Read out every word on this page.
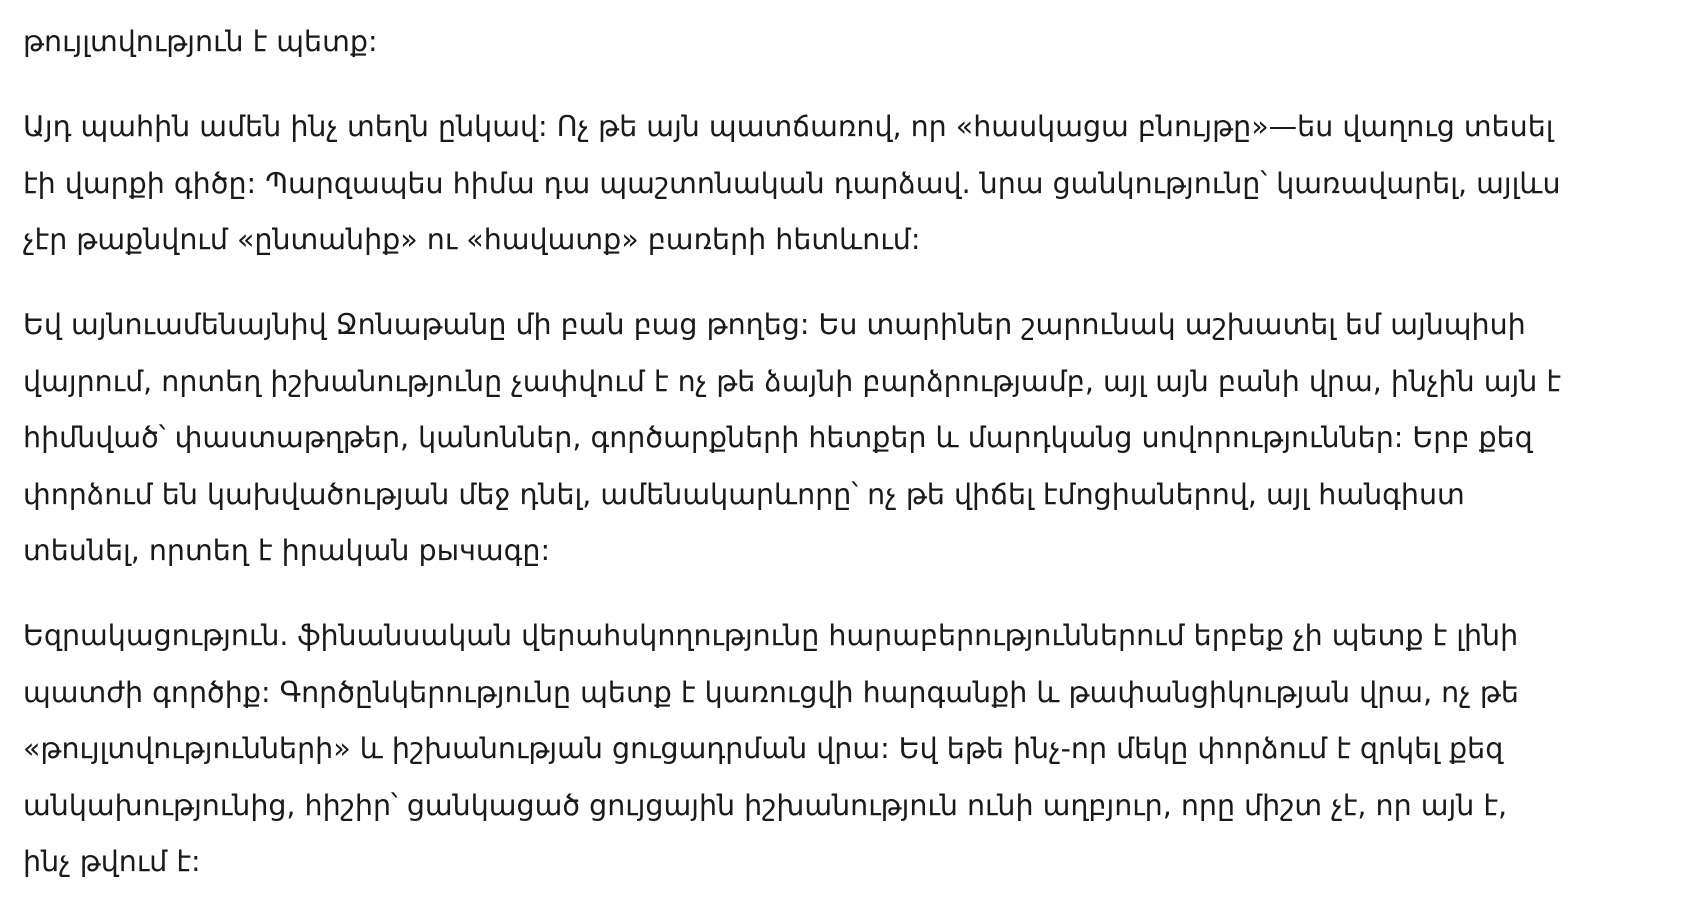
թույլտվություն է պետք:

Այդ պահին ամեն ինչ տեղն ընկավ: Ոչ թե այն պատճառով, որ «հասկացա բնույթը»—ես վաղուց տեսել
էի վարքի գիծը: Պարզապես հիմա դա պաշտոնական դարձավ. նրա ցանկությունը՝ կառավարել, այլևս
չէր թաքնվում «ընտանիք» ու «հավատք» բառերի հետևում:

Եվ այնուամենայնիվ Ջոնաթանը մի բան բաց թողեց: Ես տարիներ շարունակ աշխատել եմ այնպիսի
վայրում, որտեղ իշխանությունը չափվում է ոչ թե ձայնի բարձրությամբ, այլ այն բանի վրա, ինչին այն է
հիմնված՝ փաստաթղթեր, կանոններ, գործարքների հետքեր և մարդկանց սովորություններ: Երբ քեզ
փորձում են կախվածության մեջ դնել, ամենակարևորը՝ ոչ թե վիճել էմոցիաներով, այլ հանգիստ
տեսնել, որտեղ է իրական рычագը:

Եզրակացություն. ֆինանսական վերահսկողությունը հարաբերություններում երբեք չի պետք է լինի
պատժի գործիք: Գործընկերությունը պետք է կառուցվի հարգանքի և թափանցիկության վրա, ոչ թե
«թույլտվությունների» և իշխանության ցուցադրման վրա: Եվ եթե ինչ-որ մեկը փորձում է զրկել քեզ
անկախությունից, հիշիր՝ ցանկացած ցույցային իշխանություն ունի աղբյուր, որը միշտ չէ, որ այն է,
ինչ թվում է:
